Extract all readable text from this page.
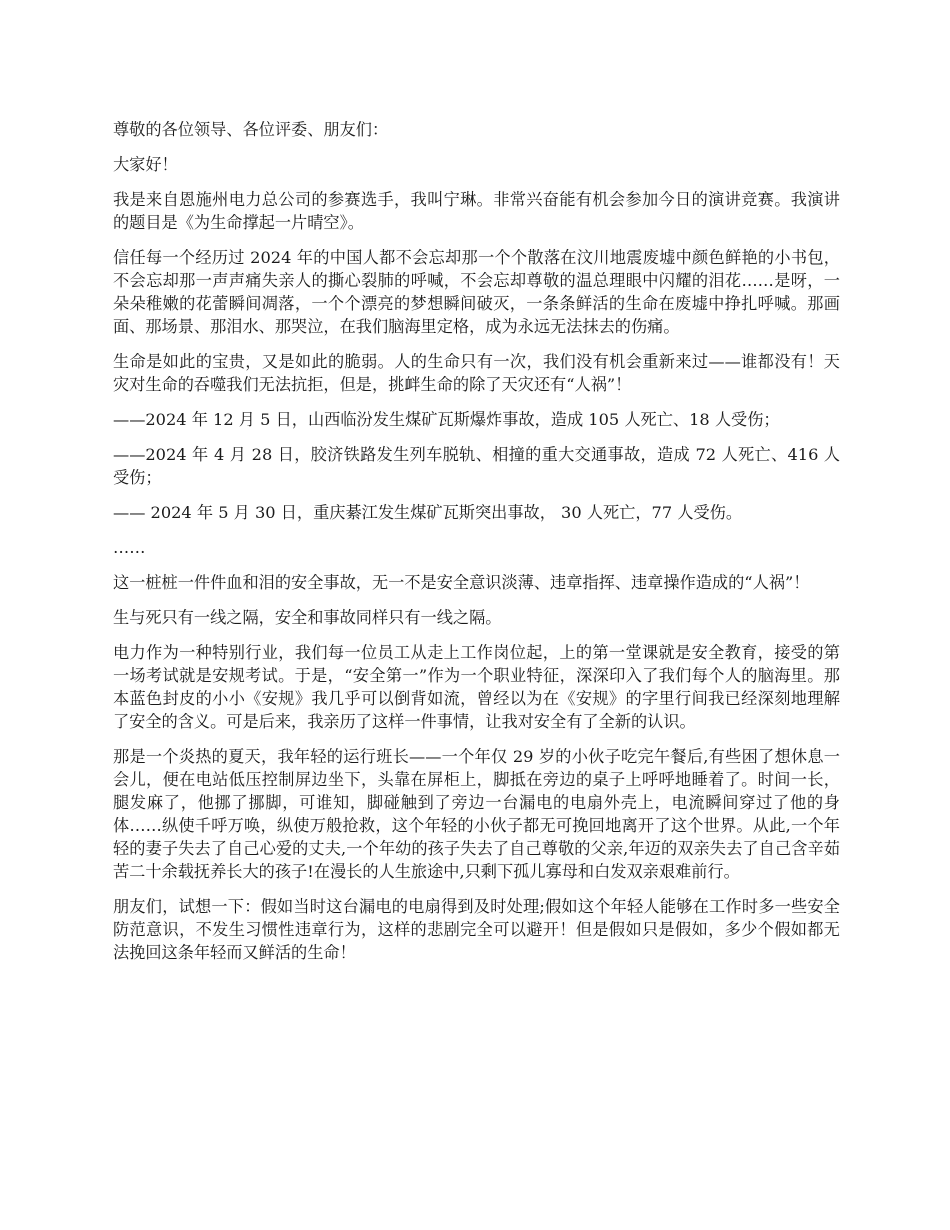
尊敬的各位领导、各位评委、朋友们：

大家好！

我是来自恩施州电力总公司的参赛选手，我叫宁琳。非常兴奋能有机会参加今日的演讲竞赛。我演讲的题目是《为生命撑起一片晴空》。

信任每一个经历过 2024 年的中国人都不会忘却那一个个散落在汶川地震废墟中颜色鲜艳的小书包，不会忘却那一声声痛失亲人的撕心裂肺的呼喊，不会忘却尊敬的温总理眼中闪耀的泪花……是呀，一朵朵稚嫩的花蕾瞬间凋落，一个个漂亮的梦想瞬间破灭，一条条鲜活的生命在废墟中挣扎呼喊。那画面、那场景、那泪水、那哭泣，在我们脑海里定格，成为永远无法抹去的伤痛。

生命是如此的宝贵，又是如此的脆弱。人的生命只有一次，我们没有机会重新来过——谁都没有！天灾对生命的吞噬我们无法抗拒，但是，挑衅生命的除了天灾还有“人祸”！

——2024 年 12 月 5 日，山西临汾发生煤矿瓦斯爆炸事故，造成 105 人死亡、18 人受伤；

——2024 年 4 月 28 日，胶济铁路发生列车脱轨、相撞的重大交通事故，造成 72 人死亡、416 人受伤；

—— 2024 年 5 月 30 日，重庆綦江发生煤矿瓦斯突出事故， 30 人死亡，77 人受伤。

……

这一桩桩一件件血和泪的安全事故，无一不是安全意识淡薄、违章指挥、违章操作造成的“人祸”！

生与死只有一线之隔，安全和事故同样只有一线之隔。

电力作为一种特别行业，我们每一位员工从走上工作岗位起，上的第一堂课就是安全教育，接受的第一场考试就是安规考试。于是，“安全第一”作为一个职业特征，深深印入了我们每个人的脑海里。那本蓝色封皮的小小《安规》我几乎可以倒背如流，曾经以为在《安规》的字里行间我已经深刻地理解了安全的含义。可是后来，我亲历了这样一件事情，让我对安全有了全新的认识。

那是一个炎热的夏天，我年轻的运行班长——一个年仅 29 岁的小伙子吃完午餐后,有些困了想休息一会儿，便在电站低压控制屏边坐下，头靠在屏柜上，脚抵在旁边的桌子上呼呼地睡着了。时间一长，腿发麻了，他挪了挪脚，可谁知，脚碰触到了旁边一台漏电的电扇外壳上，电流瞬间穿过了他的身体……纵使千呼万唤，纵使万般抢救，这个年轻的小伙子都无可挽回地离开了这个世界。从此,一个年轻的妻子失去了自己心爱的丈夫,一个年幼的孩子失去了自己尊敬的父亲,年迈的双亲失去了自己含辛茹苦二十余载抚养长大的孩子!在漫长的人生旅途中,只剩下孤儿寡母和白发双亲艰难前行。

朋友们，试想一下：假如当时这台漏电的电扇得到及时处理;假如这个年轻人能够在工作时多一些安全防范意识，不发生习惯性违章行为，这样的悲剧完全可以避开！但是假如只是假如，多少个假如都无法挽回这条年轻而又鲜活的生命！
